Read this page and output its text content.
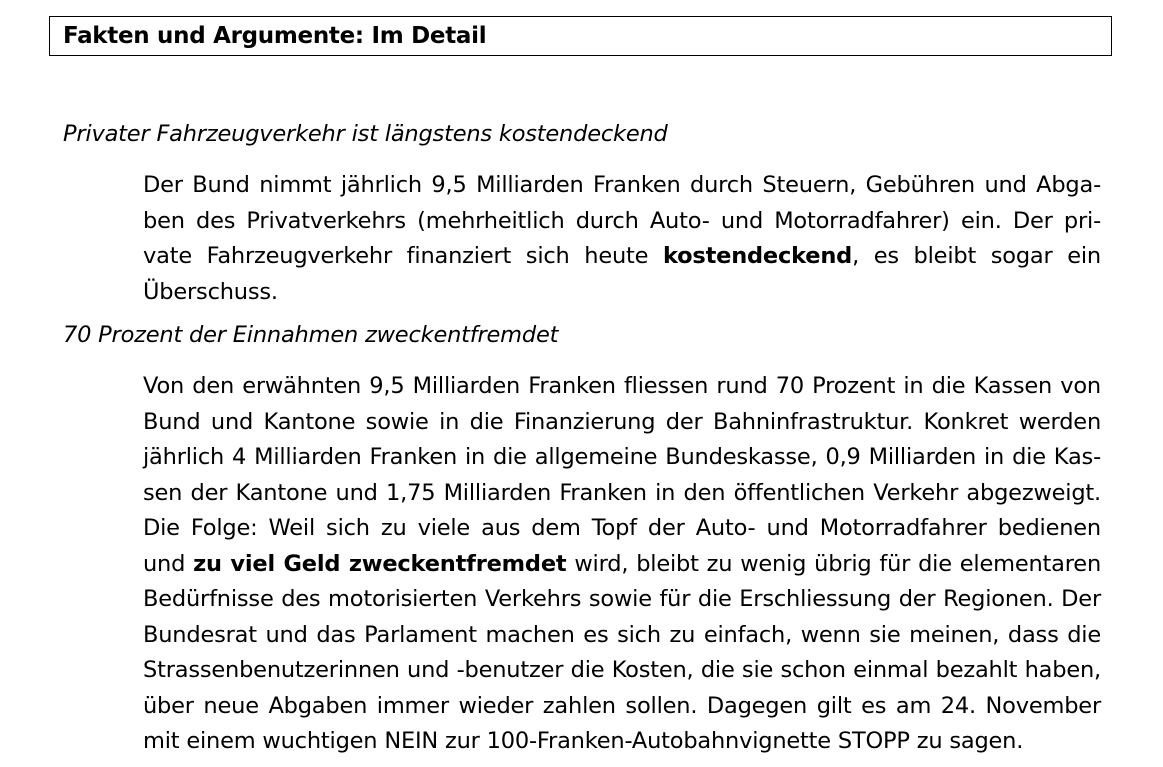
Fakten und Argumente: Im Detail
Privater Fahrzeugverkehr ist längstens kostendeckend
Der Bund nimmt jährlich 9,5 Milliarden Franken durch Steuern, Gebühren und Abga-
ben des Privatverkehrs (mehrheitlich durch Auto- und Motorradfahrer) ein. Der pri-
vate Fahrzeugverkehr finanziert sich heute kostendeckend, es bleibt sogar ein
Überschuss.
70 Prozent der Einnahmen zweckentfremdet
Von den erwähnten 9,5 Milliarden Franken fliessen rund 70 Prozent in die Kassen von
Bund und Kantone sowie in die Finanzierung der Bahninfrastruktur. Konkret werden
jährlich 4 Milliarden Franken in die allgemeine Bundeskasse, 0,9 Milliarden in die Kas-
sen der Kantone und 1,75 Milliarden Franken in den öffentlichen Verkehr abgezweigt.
Die Folge: Weil sich zu viele aus dem Topf der Auto- und Motorradfahrer bedienen
und zu viel Geld zweckentfremdet wird, bleibt zu wenig übrig für die elementaren
Bedürfnisse des motorisierten Verkehrs sowie für die Erschliessung der Regionen. Der
Bundesrat und das Parlament machen es sich zu einfach, wenn sie meinen, dass die
Strassenbenutzerinnen und -benutzer die Kosten, die sie schon einmal bezahlt haben,
über neue Abgaben immer wieder zahlen sollen. Dagegen gilt es am 24. November
mit einem wuchtigen NEIN zur 100-Franken-Autobahnvignette STOPP zu sagen.
